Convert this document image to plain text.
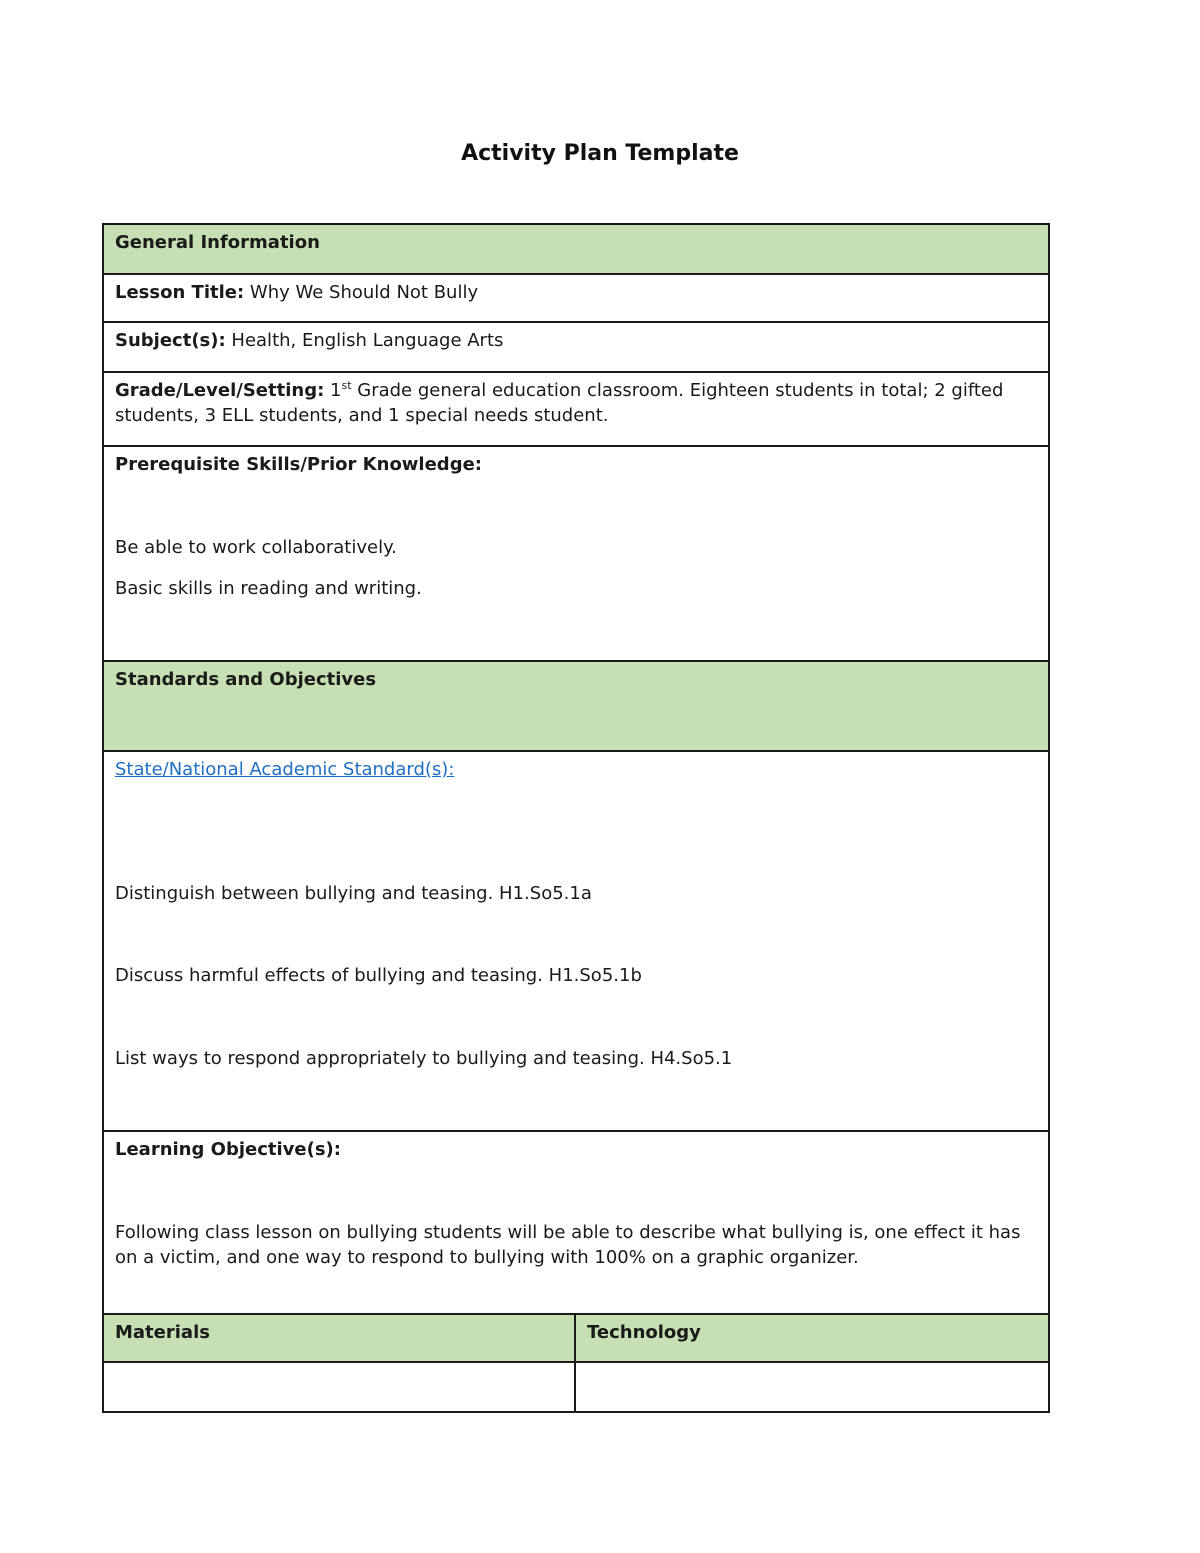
Activity Plan Template
General Information	
Lesson Title: Why We Should Not Bully	
Subject(s): Health, English Language Arts	
Grade/Level/Setting: 1st Grade general education classroom. Eighteen students in total; 2 gifted students, 3 ELL students, and 1 special needs student.	

Prerequisite Skills/Prior Knowledge:

Be able to work collaboratively.

Basic skills in reading and writing.	

Standards and Objectives	

State/National Academic Standard(s):

Distinguish between bullying and teasing. H1.So5.1a

Discuss harmful effects of bullying and teasing. H1.So5.1b

List ways to respond appropriately to bullying and teasing. H4.So5.1	

Learning Objective(s):

Following class lesson on bullying students will be able to describe what bullying is, one effect it has on a victim, and one way to respond to bullying with 100% on a graphic organizer.	

Materials	Technology
